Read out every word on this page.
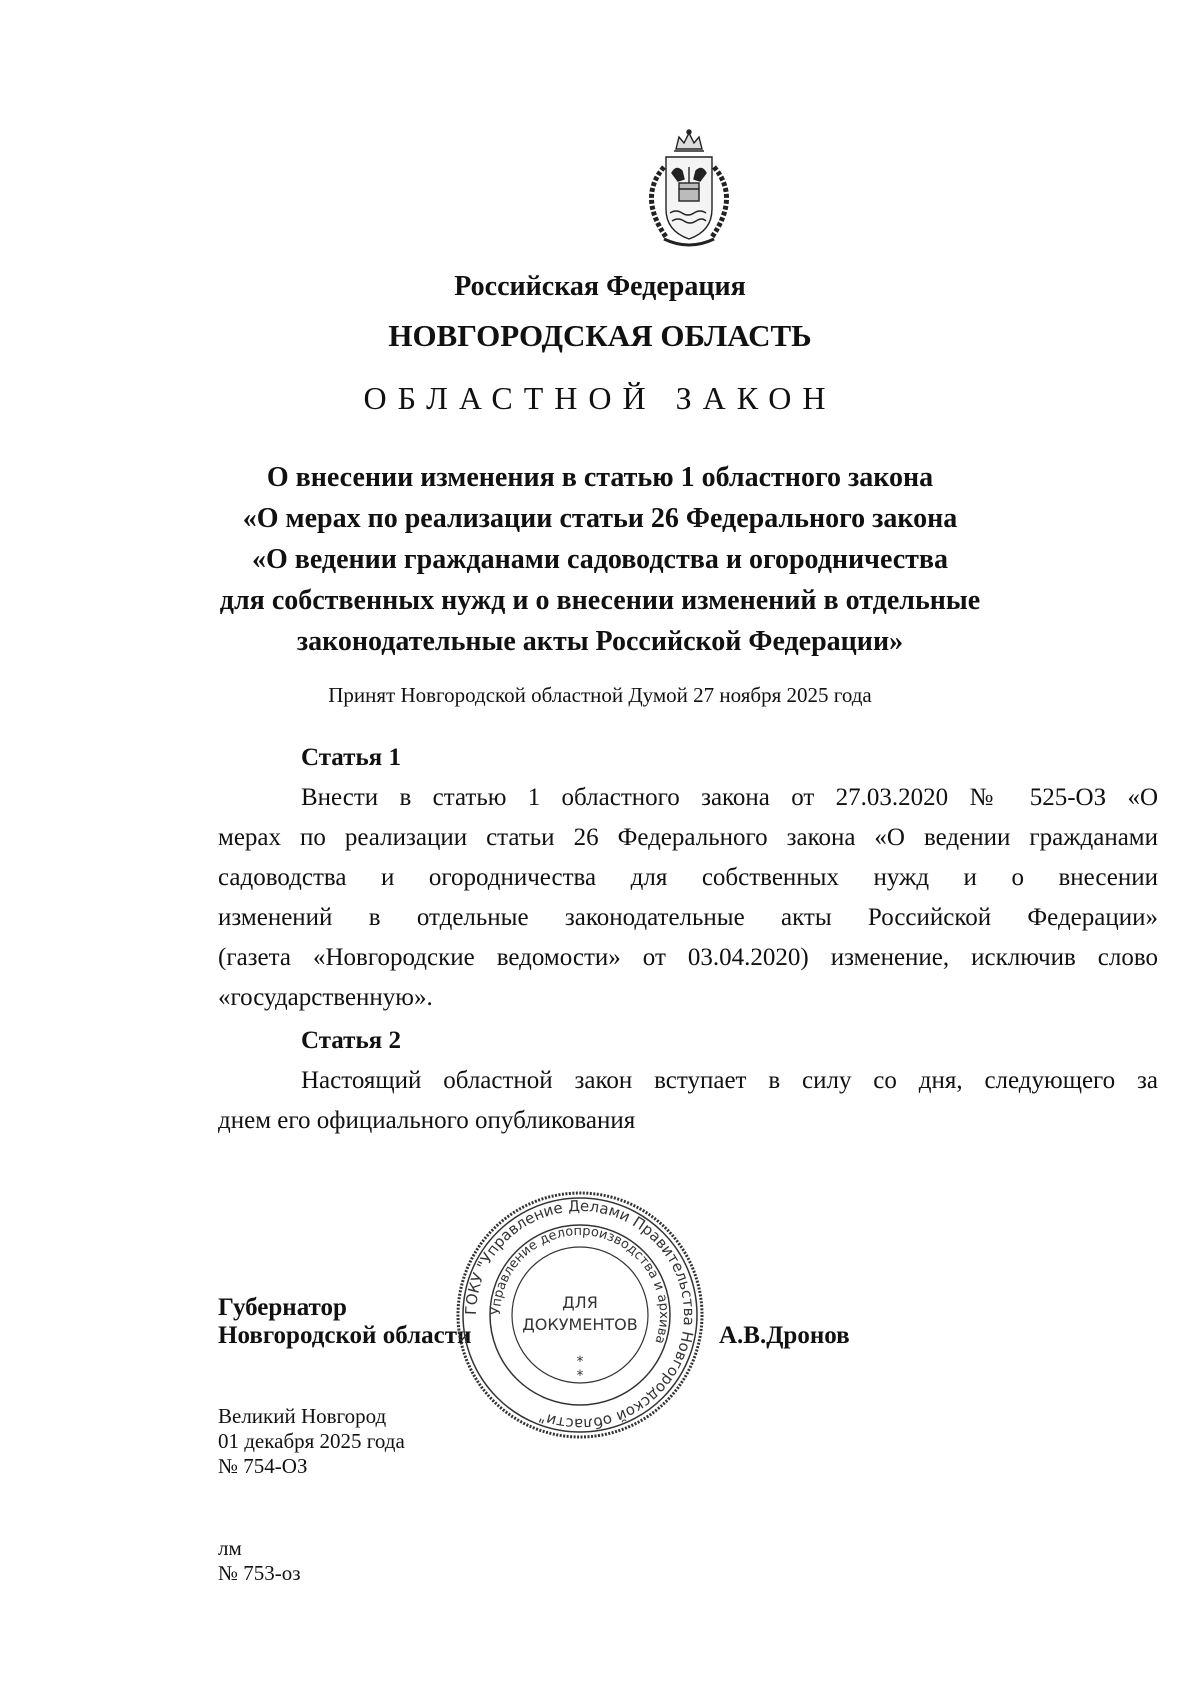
Российская Федерация
НОВГОРОДСКАЯ ОБЛАСТЬ
ОБЛАСТНОЙ ЗАКОН
О внесении изменения в статью 1 областного закона
«О мерах по реализации статьи 26 Федерального закона
«О ведении гражданами садоводства и огородничества
для собственных нужд и о внесении изменений в отдельные
законодательные акты Российской Федерации»
Принят Новгородской областной Думой 27 ноября 2025 года
Статья 1
Внести в статью 1 областного закона от 27.03.2020 № 525-ОЗ «О
мерах по реализации статьи 26 Федерального закона «О ведении гражданами
садоводства и огородничества для собственных нужд и о внесении
изменений в отдельные законодательные акты Российской Федерации»
(газета «Новгородские ведомости» от 03.04.2020) изменение, исключив слово
«государственную».
Статья 2
Настоящий областной закон вступает в силу со дня, следующего за
днем его официального опубликования
Губернатор
Новгородской области	А.В.Дронов
Великий Новгород
01 декабря 2025 года
№ 754-ОЗ
лм
№ 753-оз
ГОКУ "Управление Делами Правительства Новгородской области"
Управление делопроизводства и архива
ДЛЯ
ДОКУМЕНТОВ
*
*
